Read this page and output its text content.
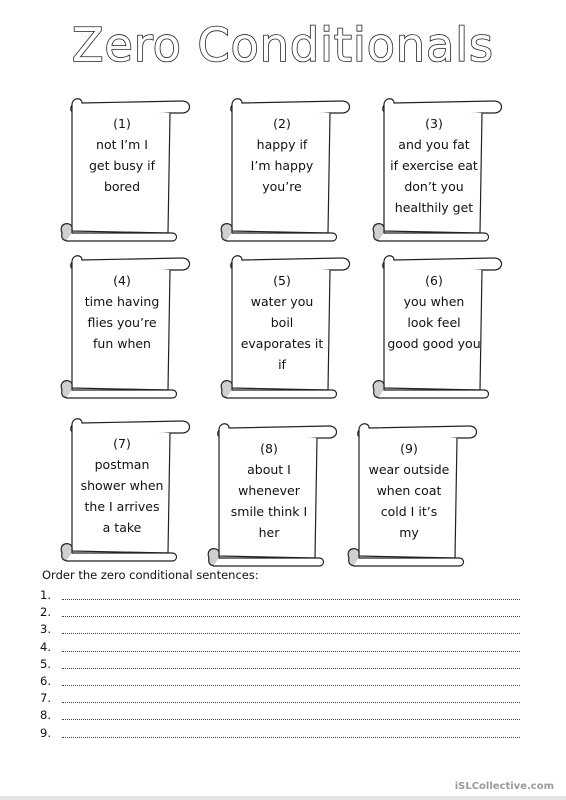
Zero Conditionals
(1)
not I’m I
get busy if
bored
(2)
happy if
I’m happy
you’re
(3)
and you fat
if exercise eat
don’t you
healthily get
(4)
time having
flies you’re
fun when
(5)
water you
boil
evaporates it
if
(6)
you when
look feel
good good you
(7)
postman
shower when
the I arrives
a take
(8)
about I
whenever
smile think I
her
(9)
wear outside
when coat
cold I it’s
my
Order the zero conditional sentences:
1.
2.
3.
4.
5.
6.
7.
8.
9.
iSLCollective.com
